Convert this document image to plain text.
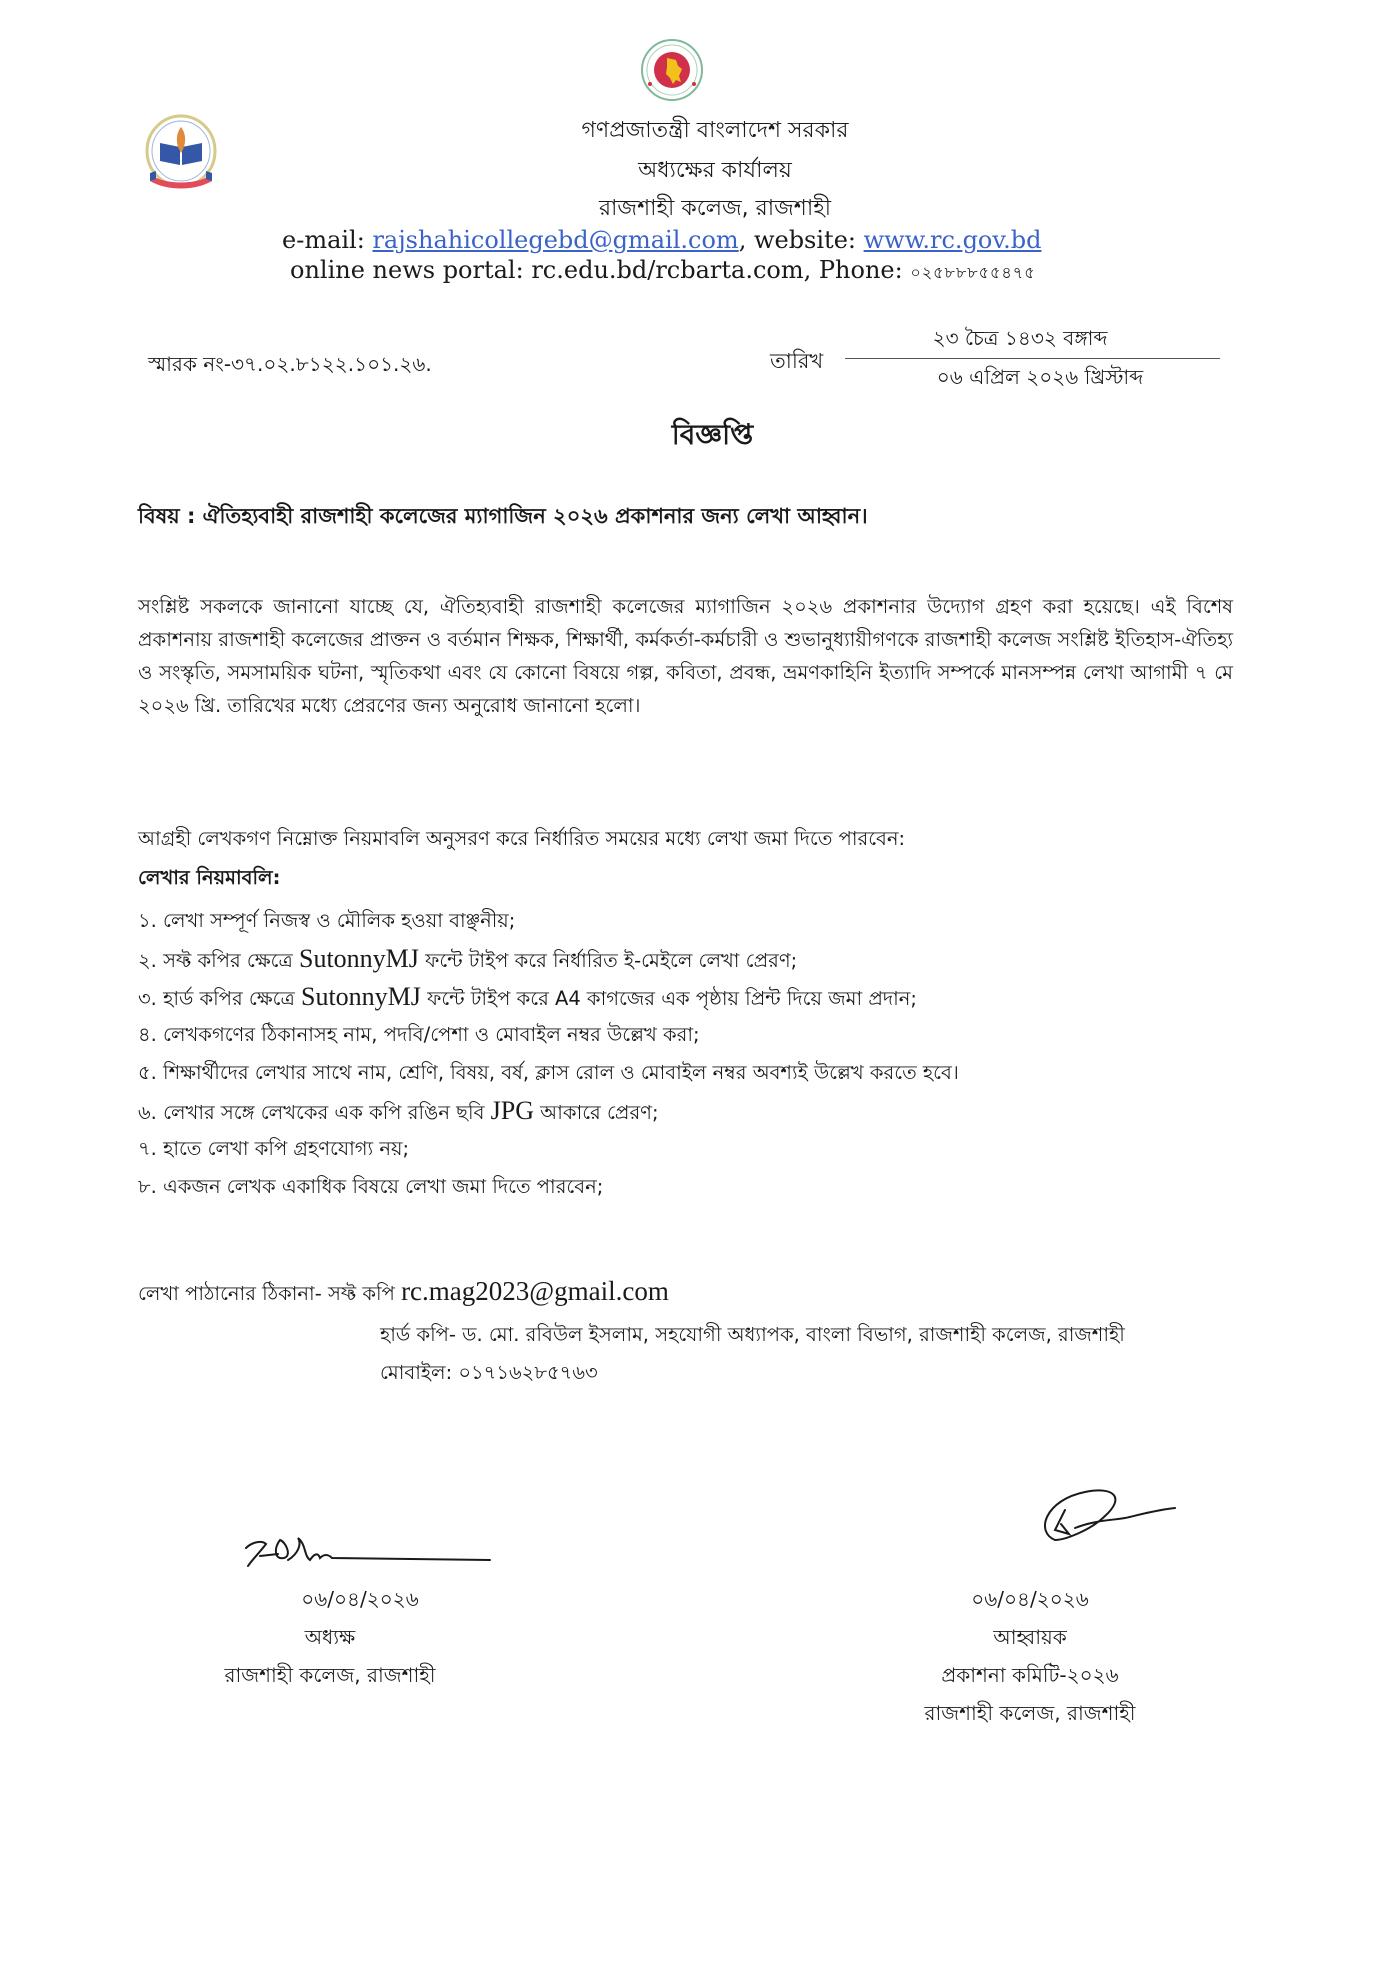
গণপ্রজাতন্ত্রী বাংলাদেশ সরকার
অধ্যক্ষের কার্যালয়
রাজশাহী কলেজ, রাজশাহী
e-mail: rajshahicollegebd@gmail.com, website: www.rc.gov.bd
online news portal: rc.edu.bd/rcbarta.com, Phone: ০২৫৮৮৮৫৫৪৭৫
স্মারক নং-৩৭.০২.৮১২২.১০১.২৬.	তারিখ
২৩ চৈত্র ১৪৩২ বঙ্গাব্দ
০৬ এপ্রিল ২০২৬ খ্রিস্টাব্দ
বিজ্ঞপ্তি
বিষয় : ঐতিহ্যবাহী রাজশাহী কলেজের ম্যাগাজিন ২০২৬ প্রকাশনার জন্য লেখা আহ্বান।
সংশ্লিষ্ট সকলকে জানানো যাচ্ছে যে, ঐতিহ্যবাহী রাজশাহী কলেজের ম্যাগাজিন ২০২৬ প্রকাশনার উদ্যোগ গ্রহণ করা হয়েছে। এই বিশেষ প্রকাশনায় রাজশাহী কলেজের প্রাক্তন ও বর্তমান শিক্ষক, শিক্ষার্থী, কর্মকর্তা-কর্মচারী ও শুভানুধ্যায়ীগণকে রাজশাহী কলেজ সংশ্লিষ্ট ইতিহাস-ঐতিহ্য ও সংস্কৃতি, সমসাময়িক ঘটনা, স্মৃতিকথা এবং যে কোনো বিষয়ে গল্প, কবিতা, প্রবন্ধ, ভ্রমণকাহিনি ইত্যাদি সম্পর্কে মানসম্পন্ন লেখা আগামী ৭ মে ২০২৬ খ্রি. তারিখের মধ্যে প্রেরণের জন্য অনুরোধ জানানো হলো।
আগ্রহী লেখকগণ নিম্নোক্ত নিয়মাবলি অনুসরণ করে নির্ধারিত সময়ের মধ্যে লেখা জমা দিতে পারবেন:
লেখার নিয়মাবলি:
১. লেখা সম্পূর্ণ নিজস্ব ও মৌলিক হওয়া বাঞ্ছনীয়;
২. সফ্ট কপির ক্ষেত্রে SutonnyMJ ফন্টে টাইপ করে নির্ধারিত ই-মেইলে লেখা প্রেরণ;
৩. হার্ড কপির ক্ষেত্রে SutonnyMJ ফন্টে টাইপ করে A4 কাগজের এক পৃষ্ঠায় প্রিন্ট দিয়ে জমা প্রদান;
৪. লেখকগণের ঠিকানাসহ নাম, পদবি/পেশা ও মোবাইল নম্বর উল্লেখ করা;
৫. শিক্ষার্থীদের লেখার সাথে নাম, শ্রেণি, বিষয়, বর্ষ, ক্লাস রোল ও মোবাইল নম্বর অবশ্যই উল্লেখ করতে হবে।
৬. লেখার সঙ্গে লেখকের এক কপি রঙিন ছবি JPG আকারে প্রেরণ;
৭. হাতে লেখা কপি গ্রহণযোগ্য নয়;
৮. একজন লেখক একাধিক বিষয়ে লেখা জমা দিতে পারবেন;
লেখা পাঠানোর ঠিকানা- সফ্ট কপি rc.mag2023@gmail.com
হার্ড কপি- ড. মো. রবিউল ইসলাম, সহযোগী অধ্যাপক, বাংলা বিভাগ, রাজশাহী কলেজ, রাজশাহী
মোবাইল: ০১৭১৬২৮৫৭৬৩
০৬/০৪/২০২৬
অধ্যক্ষ
রাজশাহী কলেজ, রাজশাহী
০৬/০৪/২০২৬
আহ্বায়ক
প্রকাশনা কমিটি-২০২৬
রাজশাহী কলেজ, রাজশাহী
